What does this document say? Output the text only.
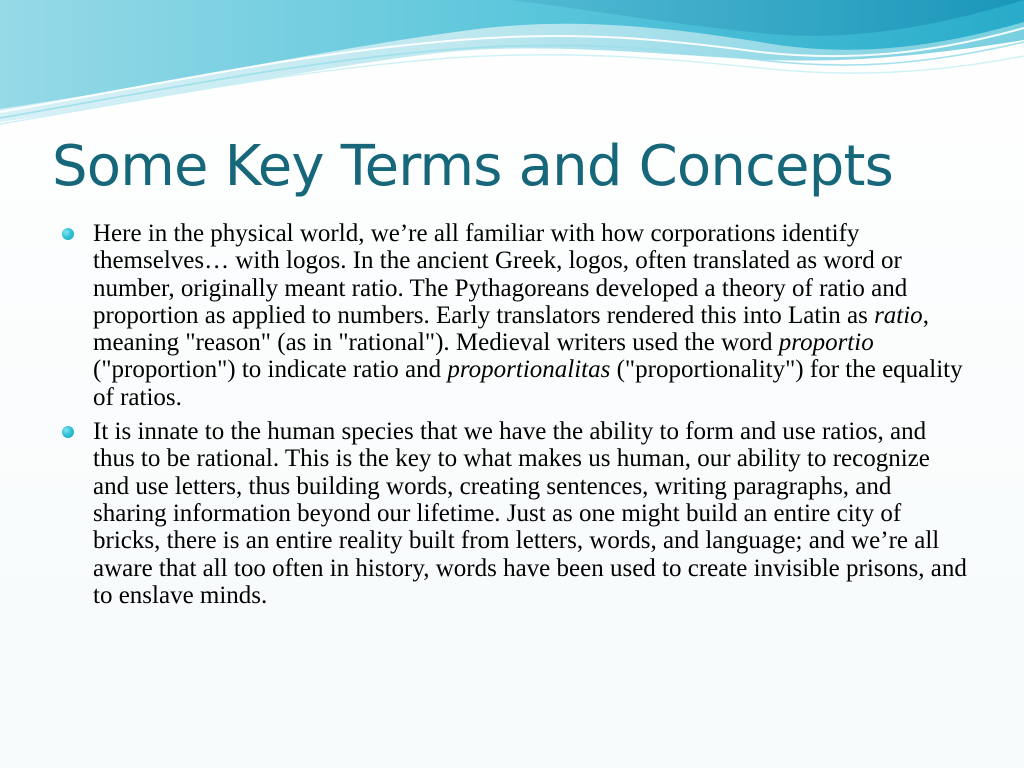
Some Key Terms and Concepts

Here in the physical world, we’re all familiar with how corporations identify themselves… with logos. In the ancient Greek, logos, often translated as word or number, originally meant ratio. The Pythagoreans developed a theory of ratio and proportion as applied to numbers. Early translators rendered this into Latin as ratio, meaning "reason" (as in "rational"). Medieval writers used the word proportio ("proportion") to indicate ratio and proportionalitas ("proportionality") for the equality of ratios.

It is innate to the human species that we have the ability to form and use ratios, and thus to be rational. This is the key to what makes us human, our ability to recognize and use letters, thus building words, creating sentences, writing paragraphs, and sharing information beyond our lifetime. Just as one might build an entire city of bricks, there is an entire reality built from letters, words, and language; and we’re all aware that all too often in history, words have been used to create invisible prisons, and to enslave minds.
